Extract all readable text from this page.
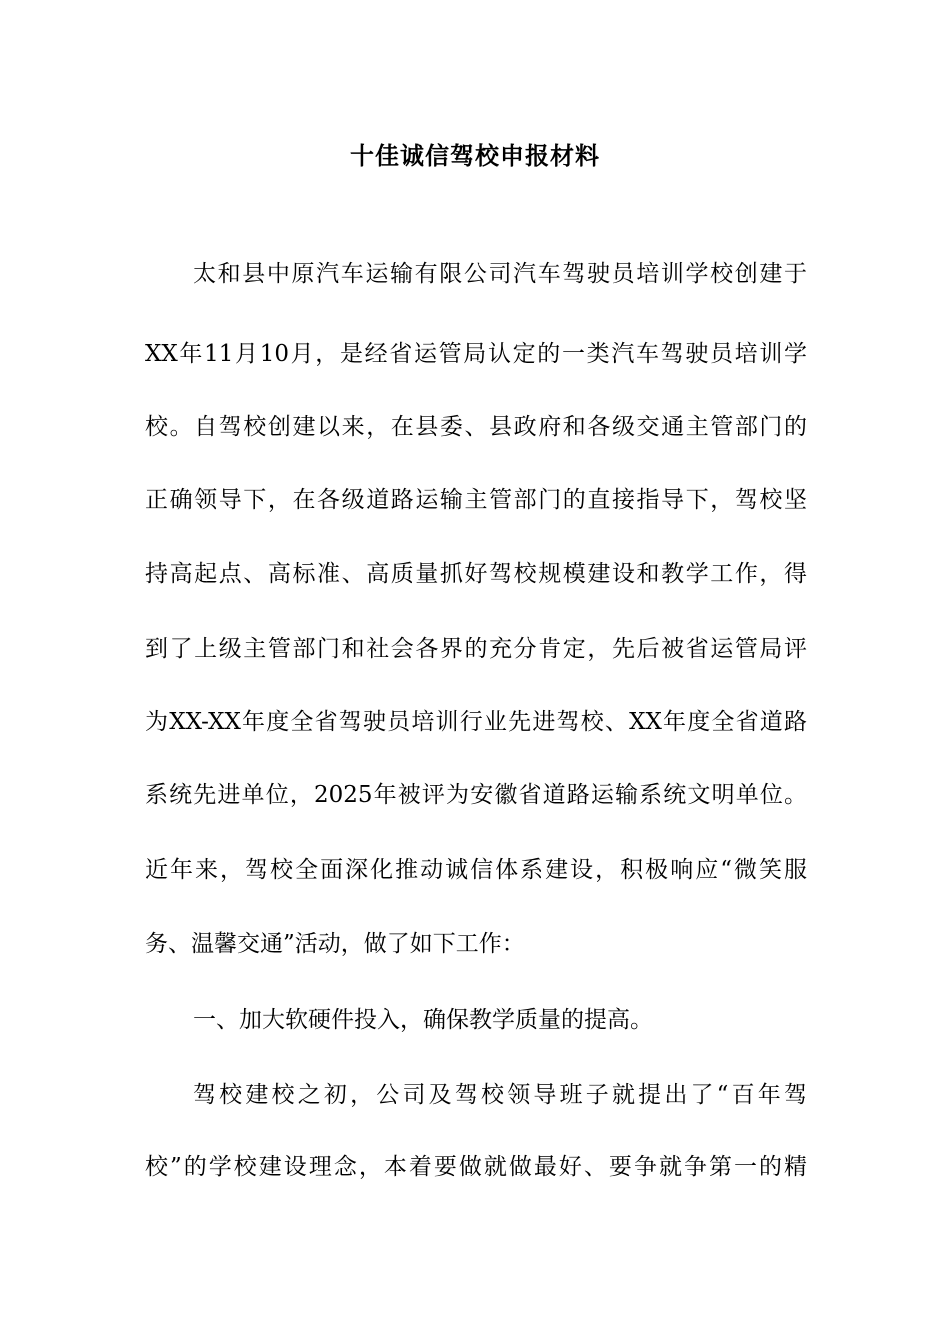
十佳诚信驾校申报材料
太和县中原汽车运输有限公司汽车驾驶员培训学校创建于
XX年11月10月，是经省运管局认定的一类汽车驾驶员培训学
校。自驾校创建以来，在县委、县政府和各级交通主管部门的
正确领导下，在各级道路运输主管部门的直接指导下，驾校坚
持高起点、高标准、高质量抓好驾校规模建设和教学工作，得
到了上级主管部门和社会各界的充分肯定，先后被省运管局评
为XX-XX年度全省驾驶员培训行业先进驾校、XX年度全省道路
系统先进单位，2025年被评为安徽省道路运输系统文明单位。
近年来，驾校全面深化推动诚信体系建设，积极响应“微笑服
务、温馨交通”活动，做了如下工作：
一、加大软硬件投入，确保教学质量的提高。
驾校建校之初，公司及驾校领导班子就提出了“百年驾
校”的学校建设理念，本着要做就做最好、要争就争第一的精
